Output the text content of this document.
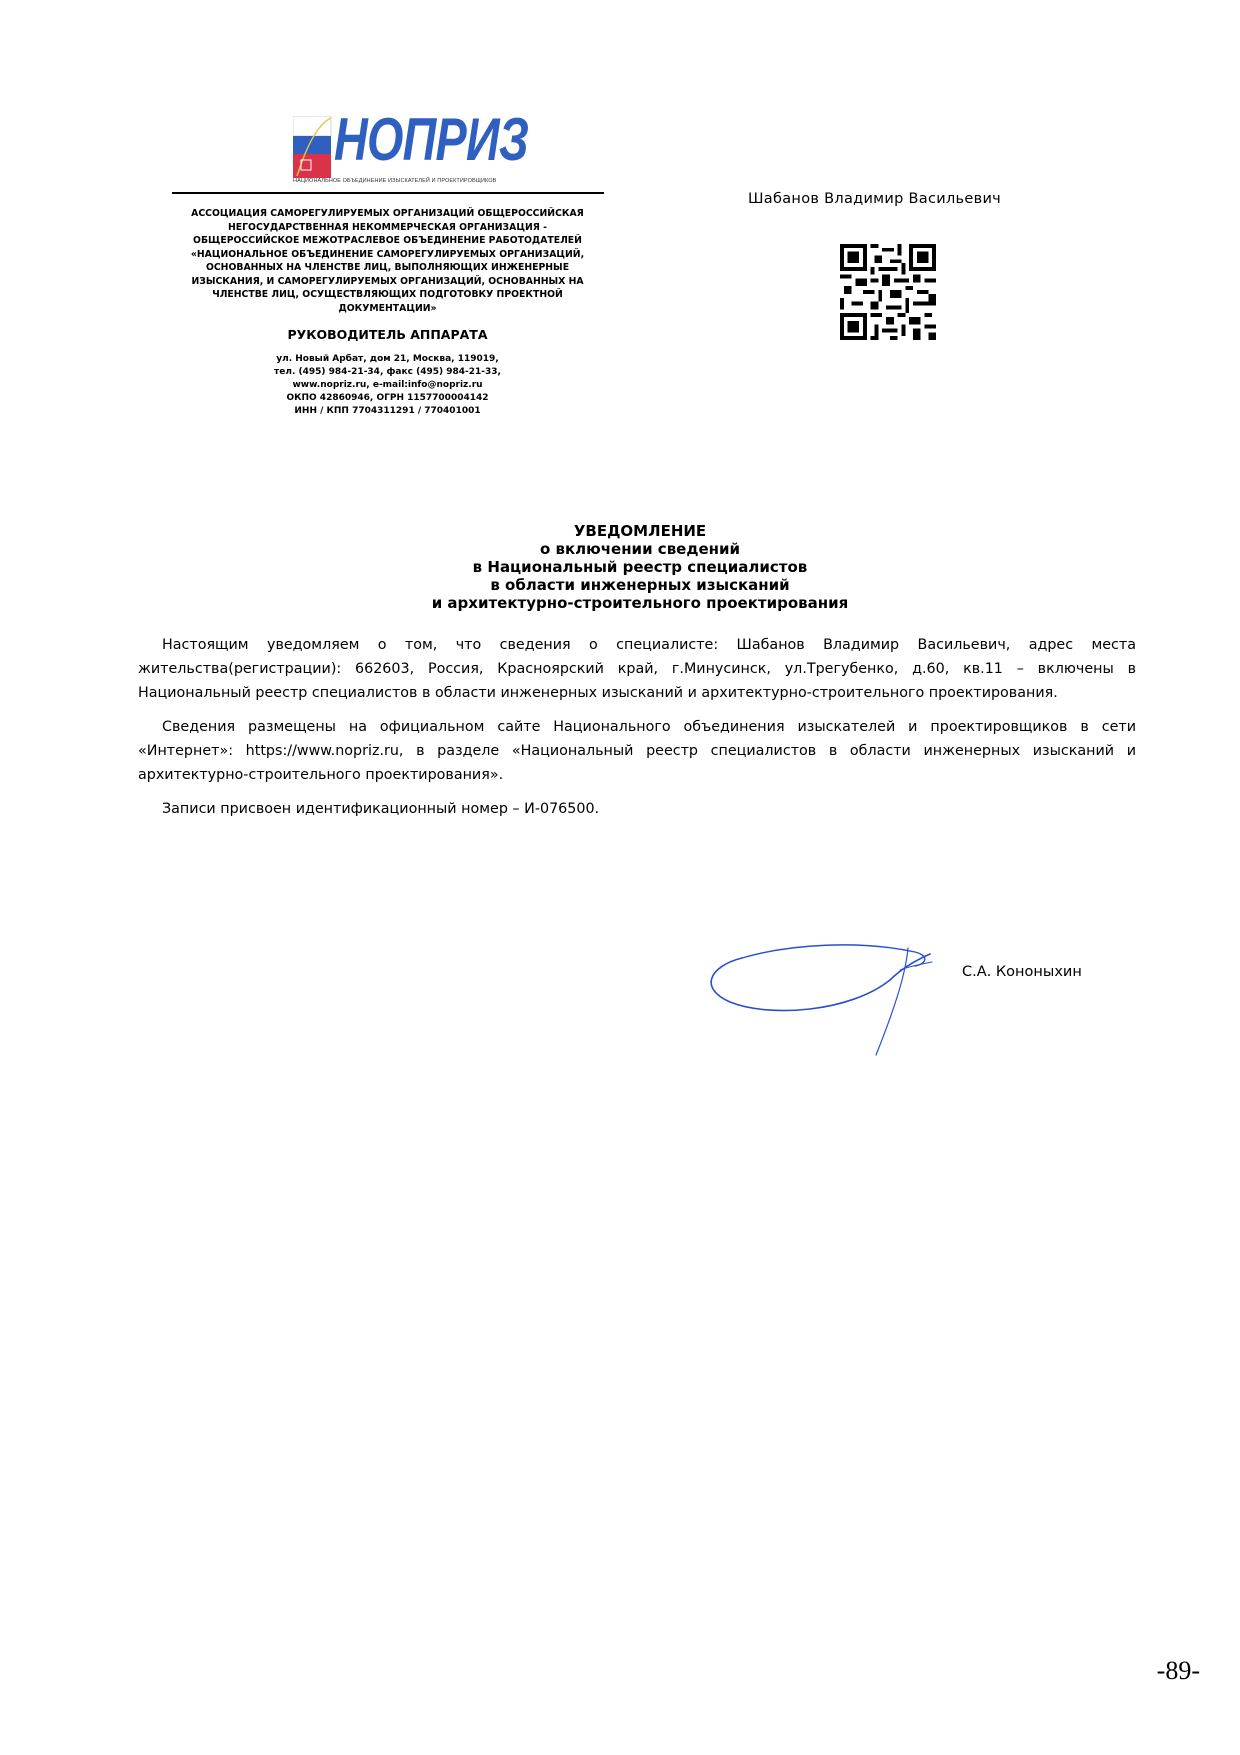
НОПРИЗ
НАЦИОНАЛЬНОЕ ОБЪЕДИНЕНИЕ ИЗЫСКАТЕЛЕЙ И ПРОЕКТИРОВЩИКОВ
АССОЦИАЦИЯ САМОРЕГУЛИРУЕМЫХ ОРГАНИЗАЦИЙ ОБЩЕРОССИЙСКАЯ
НЕГОСУДАРСТВЕННАЯ НЕКОММЕРЧЕСКАЯ ОРГАНИЗАЦИЯ -
ОБЩЕРОССИЙСКОЕ МЕЖОТРАСЛЕВОЕ ОБЪЕДИНЕНИЕ РАБОТОДАТЕЛЕЙ
«НАЦИОНАЛЬНОЕ ОБЪЕДИНЕНИЕ САМОРЕГУЛИРУЕМЫХ ОРГАНИЗАЦИЙ,
ОСНОВАННЫХ НА ЧЛЕНСТВЕ ЛИЦ, ВЫПОЛНЯЮЩИХ ИНЖЕНЕРНЫЕ
ИЗЫСКАНИЯ, И САМОРЕГУЛИРУЕМЫХ ОРГАНИЗАЦИЙ, ОСНОВАННЫХ НА
ЧЛЕНСТВЕ ЛИЦ, ОСУЩЕСТВЛЯЮЩИХ ПОДГОТОВКУ ПРОЕКТНОЙ
ДОКУМЕНТАЦИИ»
РУКОВОДИТЕЛЬ АППАРАТА
ул. Новый Арбат, дом 21, Москва, 119019,
тел. (495) 984-21-34, факс (495) 984-21-33,
www.nopriz.ru, e-mail:info@nopriz.ru
ОКПО 42860946, ОГРН 1157700004142
ИНН / КПП 7704311291 / 770401001
Шабанов Владимир Васильевич
УВЕДОМЛЕНИЕ
о включении сведений
в Национальный реестр специалистов
в области инженерных изысканий
и архитектурно-строительного проектирования

Настоящим уведомляем о том, что сведения о специалисте: Шабанов Владимир Васильевич, адрес места жительства(регистрации): 662603, Россия, Красноярский край, г.Минусинск, ул.Трегубенко, д.60, кв.11 – включены в Национальный реестр специалистов в области инженерных изысканий и архитектурно-строительного проектирования.

Сведения размещены на официальном сайте Национального объединения изыскателей и проектировщиков в сети «Интернет»: https://www.nopriz.ru, в разделе «Национальный реестр специалистов в области инженерных изысканий и архитектурно-строительного проектирования».

Записи присвоен идентификационный номер – И-076500.

С.А. Кононыхин
-89-
